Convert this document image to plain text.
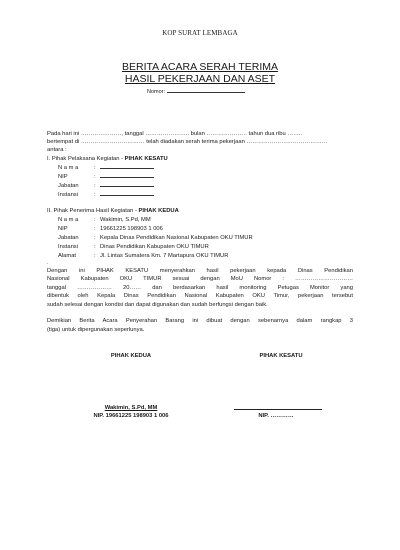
KOP SURAT LEMBAGA
BERITA ACARA SERAH TERIMA
HASIL PEKERJAAN DAN ASET
Nomor:
Pada hari ini …………………, tanggal ………………….. bulan ………………… tahun dua ribu ……..
bertempat di …………………………… telah diadakan serah terima pekerjaan ……………………………………
antara :
I. Pihak Pelaksana Kegiatan - PIHAK KESATU
N a m a	:
NIP	:
Jabatan	:
Instansi	:
II. Pihak Penerima Hasil Kegiatan - PIHAK KEDUA
N a m a	: Wakimin, S.Pd, MM
NIP	: 19661225 198903 1 006
Jabatan	: Kepala Dinas Pendidikan Nasional Kabupaten OKU TIMUR
Instansi	: Dinas Pendidikan Kabupaten OKU TIMUR
Alamat	: Jl. Lintas Sumatera Km. 7 Martapura OKU TIMUR
.
Dengan ini PIHAK KESATU menyerahkan hasil pekerjaan kepada Dinas Pendidikan
Nasional Kabupaten OKU TIMUR sesuai dengan MoU Nomor : …………………………
tanggal ……………… 20…… dan berdasarkan hasil monitoring Petugas Monitor yang
dibentuk oleh Kepala Dinas Pendidikan Nasional Kabupaten OKU Timur, pekerjaan tersebut
sudah selesai dengan kondisi dan dapat digunakan dan sudah berfungsi dengan baik.
Demikian Berita Acara Penyerahan Barang ini dibuat dengan sebenarnya dalam rangkap 3
(tiga) untuk dipergunakan seperlunya.
PIHAK KEDUA	PIHAK KESATU
Wakimin, S.Pd, MM
NIP. 19661225 198903 1 006	NIP. …………
